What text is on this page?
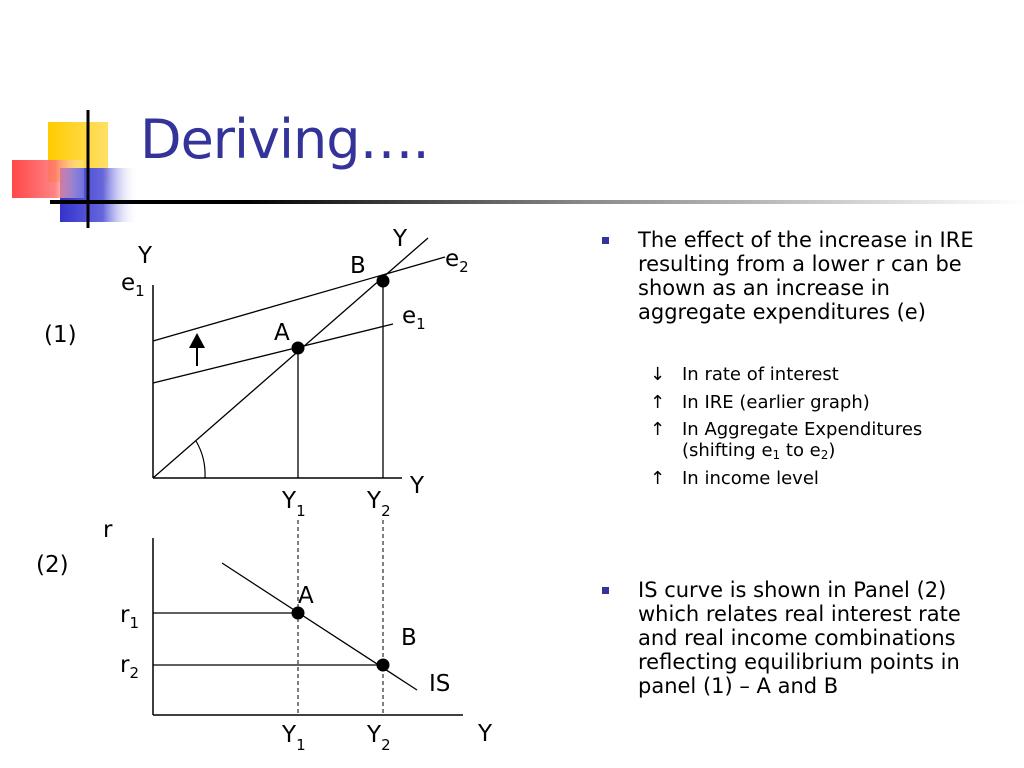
Deriving….
(1)
Y
$e_1$
Y
Y
$e_2$
$e_1$
A
B
$Y_1$	$Y_2$
(2)
r
Y
$r_1$
$r_2$	IS
A
B
$Y_1$	$Y_2$
The effect of the increase in IRE resulting from a lower r can be shown as an increase in aggregate expenditures (e)
↓ In rate of interest
↑ In IRE (earlier graph)
↑ In Aggregate Expenditures (shifting $e_1$ to $e_2$)
↑ In income level
IS curve is shown in Panel (2) which relates real interest rate and real income combinations reflecting equilibrium points in panel (1) – A and B
